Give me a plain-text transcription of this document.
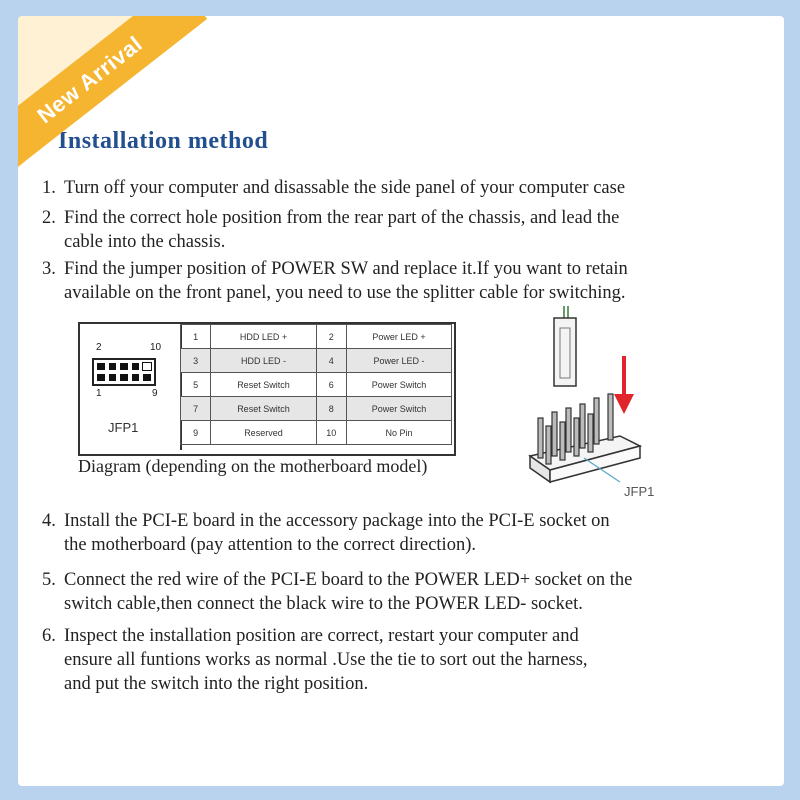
New Arrival
Installation method

1. Turn off your computer and disassable the side panel of your computer case

2. Find the correct hole position from the rear part of the chassis, and lead the
cable into the chassis.

3. Find the jumper position of POWER SW and replace it.If you want to retain
available on the front panel, you need to use the splitter cable for switching.

2	10
1	9
JFP1
1	HDD LED +	2	Power LED +
3	HDD LED -	4	Power LED -
5	Reset Switch	6	Power Switch
7	Reset Switch	8	Power Switch
9	Reserved	10	No Pin
Diagram (depending on the motherboard model)
JFP1

4. Install the PCI-E board in the accessory package into the PCI-E socket on
the motherboard (pay attention to the correct direction).

5. Connect the red wire of the PCI-E board to the POWER LED+ socket on the
switch cable,then connect the black wire to the POWER LED- socket.

6. Inspect the installation position are correct, restart your computer and
ensure all funtions works as normal .Use the tie to sort out the harness,
and put the switch into the right position.
